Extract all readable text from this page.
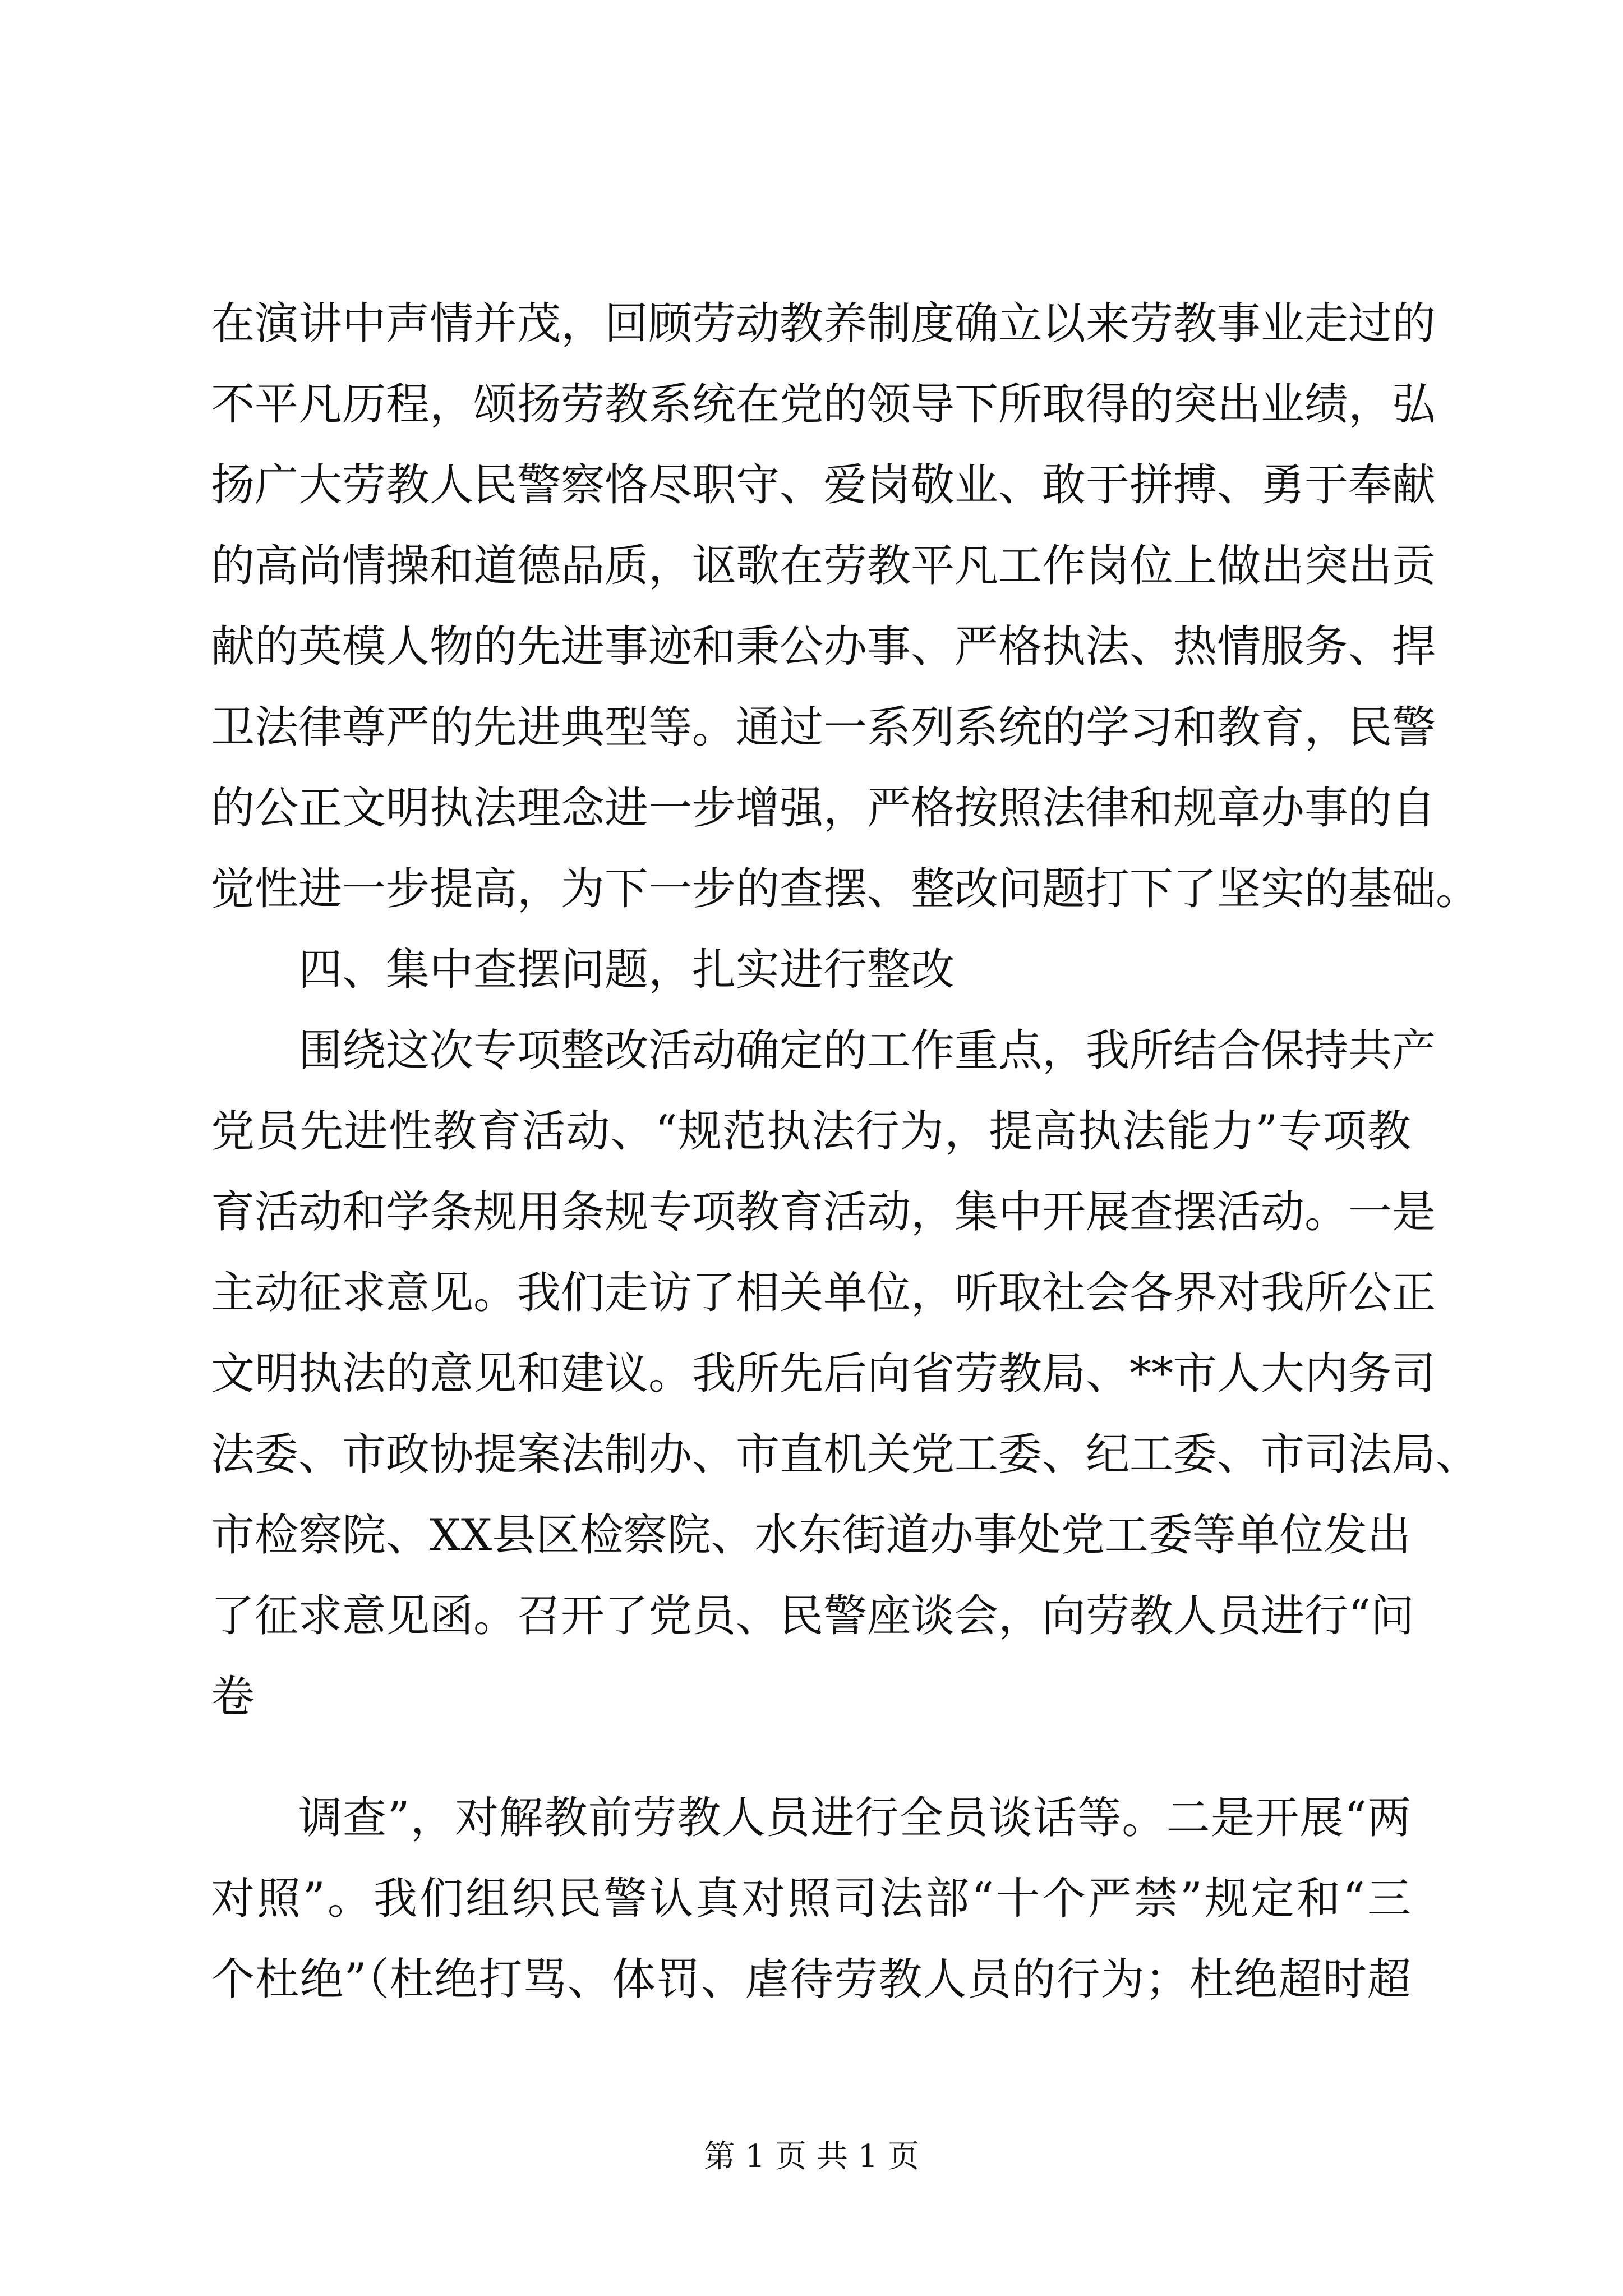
在演讲中声情并茂，回顾劳动教养制度确立以来劳教事业走过的
不平凡历程，颂扬劳教系统在党的领导下所取得的突出业绩，弘
扬广大劳教人民警察恪尽职守、爱岗敬业、敢于拼搏、勇于奉献
的高尚情操和道德品质，讴歌在劳教平凡工作岗位上做出突出贡
献的英模人物的先进事迹和秉公办事、严格执法、热情服务、捍
卫法律尊严的先进典型等。通过一系列系统的学习和教育，民警
的公正文明执法理念进一步增强，严格按照法律和规章办事的自
觉性进一步提高，为下一步的查摆、整改问题打下了坚实的基础。
四、集中查摆问题，扎实进行整改
围绕这次专项整改活动确定的工作重点，我所结合保持共产
党员先进性教育活动、“规范执法行为，提高执法能力”专项教
育活动和学条规用条规专项教育活动，集中开展查摆活动。一是
主动征求意见。我们走访了相关单位，听取社会各界对我所公正
文明执法的意见和建议。我所先后向省劳教局、**市人大内务司
法委、市政协提案法制办、市直机关党工委、纪工委、市司法局、
市检察院、XX县区检察院、水东街道办事处党工委等单位发出
了征求意见函。召开了党员、民警座谈会，向劳教人员进行“问
卷
调查”，对解教前劳教人员进行全员谈话等。二是开展“两
对照”。我们组织民警认真对照司法部“十个严禁”规定和“三
个杜绝”（杜绝打骂、体罚、虐待劳教人员的行为；杜绝超时超
第 1 页 共 1 页
